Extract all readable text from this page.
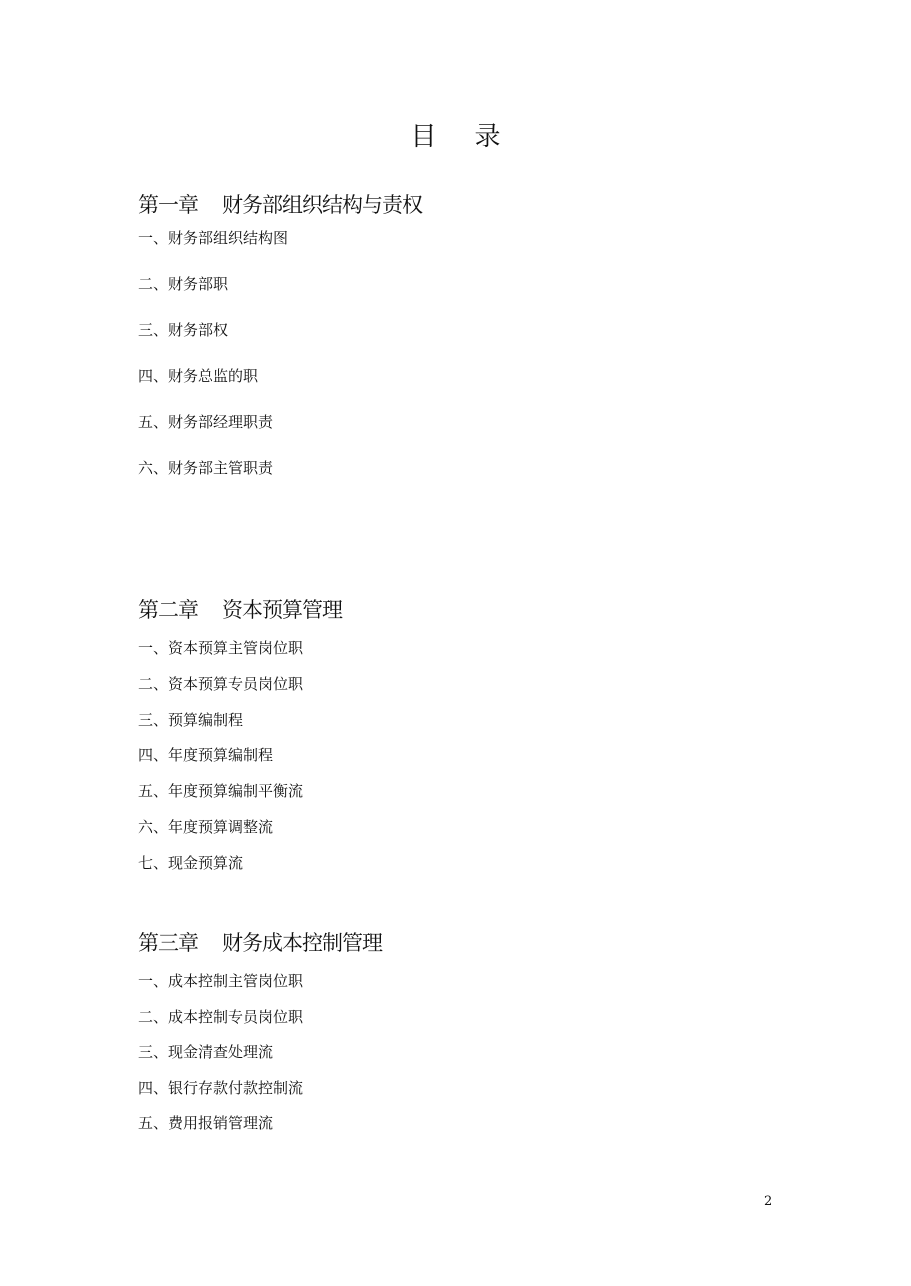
目录
第一章 财务部组织结构与责权
一、财务部组织结构图
二、财务部职
三、财务部权
四、财务总监的职
五、财务部经理职责
六、财务部主管职责
第二章 资本预算管理
一、资本预算主管岗位职
二、资本预算专员岗位职
三、预算编制程
四、年度预算编制程
五、年度预算编制平衡流
六、年度预算调整流
七、现金预算流
第三章 财务成本控制管理
一、成本控制主管岗位职
二、成本控制专员岗位职
三、现金清查处理流
四、银行存款付款控制流
五、费用报销管理流
2
